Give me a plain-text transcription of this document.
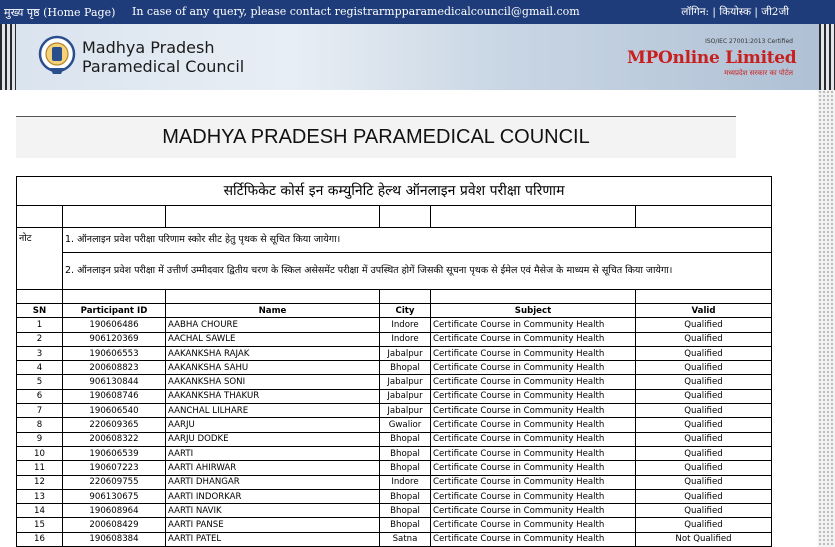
मुख्य पृष्ठ (Home Page) In case of any query, please contact registrarmpparamedicalcouncil@gmail.com	लॉगिन: | कियोस्क | जी2जी
Madhya Pradesh
Paramedical Council
ISO/IEC 27001:2013 Certified
MPOnline Limited
मध्यप्रदेश सरकार का पोर्टल
MADHYA PRADESH PARAMEDICAL COUNCIL
सर्टिफिकेट कोर्स इन कम्युनिटि हेल्थ ऑनलाइन प्रवेश परीक्षा परिणाम					

नोट	1. ऑनलाइन प्रवेश परीक्षा परिणाम स्कोर सीट हेतु पृथक से सूचित किया जायेगा।				
	2. ऑनलाइन प्रवेश परीक्षा में उत्तीर्ण उम्मीदवार द्वितीय चरण के स्किल असेसमेंट परीक्षा में उपस्थित होगें जिसकी सूचना पृथक से ईमेल एवं मैसेज के माध्यम से सूचित किया जायेगा।				

SN	Participant ID	Name	City	Subject	Valid
1	190606486	AABHA CHOURE	Indore	Certificate Course in Community Health	Qualified
2	906120369	AACHAL SAWLE	Indore	Certificate Course in Community Health	Qualified
3	190606553	AAKANKSHA RAJAK	Jabalpur	Certificate Course in Community Health	Qualified
4	200608823	AAKANKSHA SAHU	Bhopal	Certificate Course in Community Health	Qualified
5	906130844	AAKANKSHA SONI	Jabalpur	Certificate Course in Community Health	Qualified
6	190608746	AAKANKSHA THAKUR	Jabalpur	Certificate Course in Community Health	Qualified
7	190606540	AANCHAL LILHARE	Jabalpur	Certificate Course in Community Health	Qualified
8	220609365	AARJU	Gwalior	Certificate Course in Community Health	Qualified
9	200608322	AARJU DODKE	Bhopal	Certificate Course in Community Health	Qualified
10	190606539	AARTI	Bhopal	Certificate Course in Community Health	Qualified
11	190607223	AARTI AHIRWAR	Bhopal	Certificate Course in Community Health	Qualified
12	220609755	AARTI DHANGAR	Indore	Certificate Course in Community Health	Qualified
13	906130675	AARTI INDORKAR	Bhopal	Certificate Course in Community Health	Qualified
14	190608964	AARTI NAVIK	Bhopal	Certificate Course in Community Health	Qualified
15	200608429	AARTI PANSE	Bhopal	Certificate Course in Community Health	Qualified
16	190608384	AARTI PATEL	Satna	Certificate Course in Community Health	Not Qualified
